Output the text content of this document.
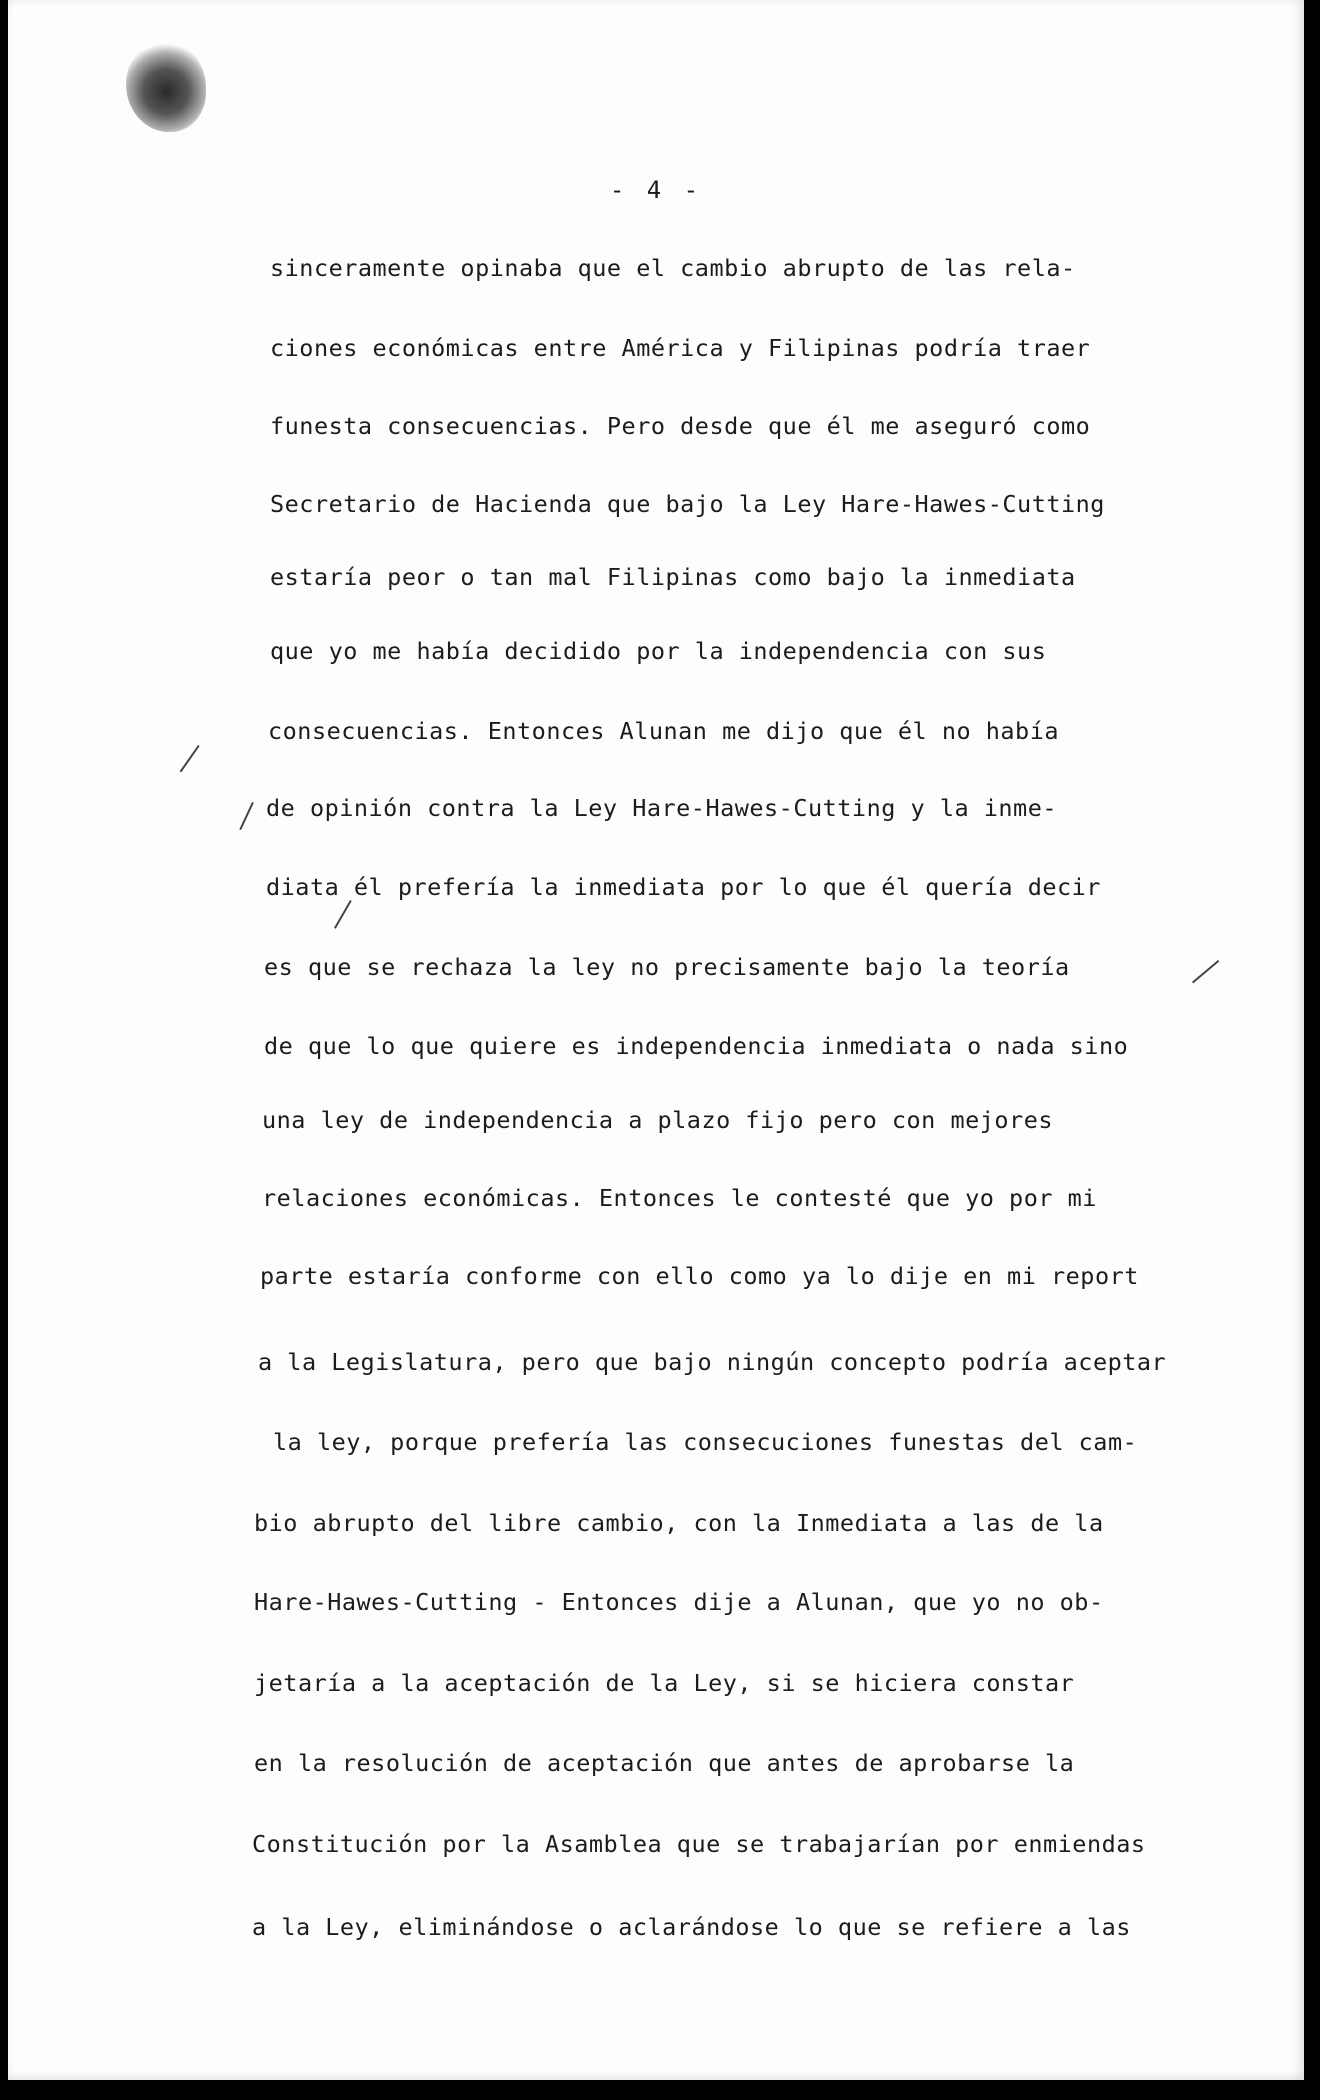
- 4 -
sinceramente opinaba que el cambio abrupto de las rela-
ciones económicas entre América y Filipinas podría traer
funesta consecuencias. Pero desde que él me aseguró como
Secretario de Hacienda que bajo la Ley Hare-Hawes-Cutting
estaría peor o tan mal Filipinas como bajo la inmediata
que yo me había decidido por la independencia con sus
consecuencias. Entonces Alunan me dijo que él no había
de opinión contra la Ley Hare-Hawes-Cutting y la inme-
diata él prefería la inmediata por lo que él quería decir
es que se rechaza la ley no precisamente bajo la teoría
de que lo que quiere es independencia inmediata o nada sino
una ley de independencia a plazo fijo pero con mejores
relaciones económicas. Entonces le contesté que yo por mi
parte estaría conforme con ello como ya lo dije en mi report
a la Legislatura, pero que bajo ningún concepto podría aceptar
la ley, porque prefería las consecuciones funestas del cam-
bio abrupto del libre cambio, con la Inmediata a las de la
Hare-Hawes-Cutting - Entonces dije a Alunan, que yo no ob-
jetaría a la aceptación de la Ley, si se hiciera constar
en la resolución de aceptación que antes de aprobarse la
Constitución por la Asamblea que se trabajarían por enmiendas
a la Ley, eliminándose o aclarándose lo que se refiere a las
